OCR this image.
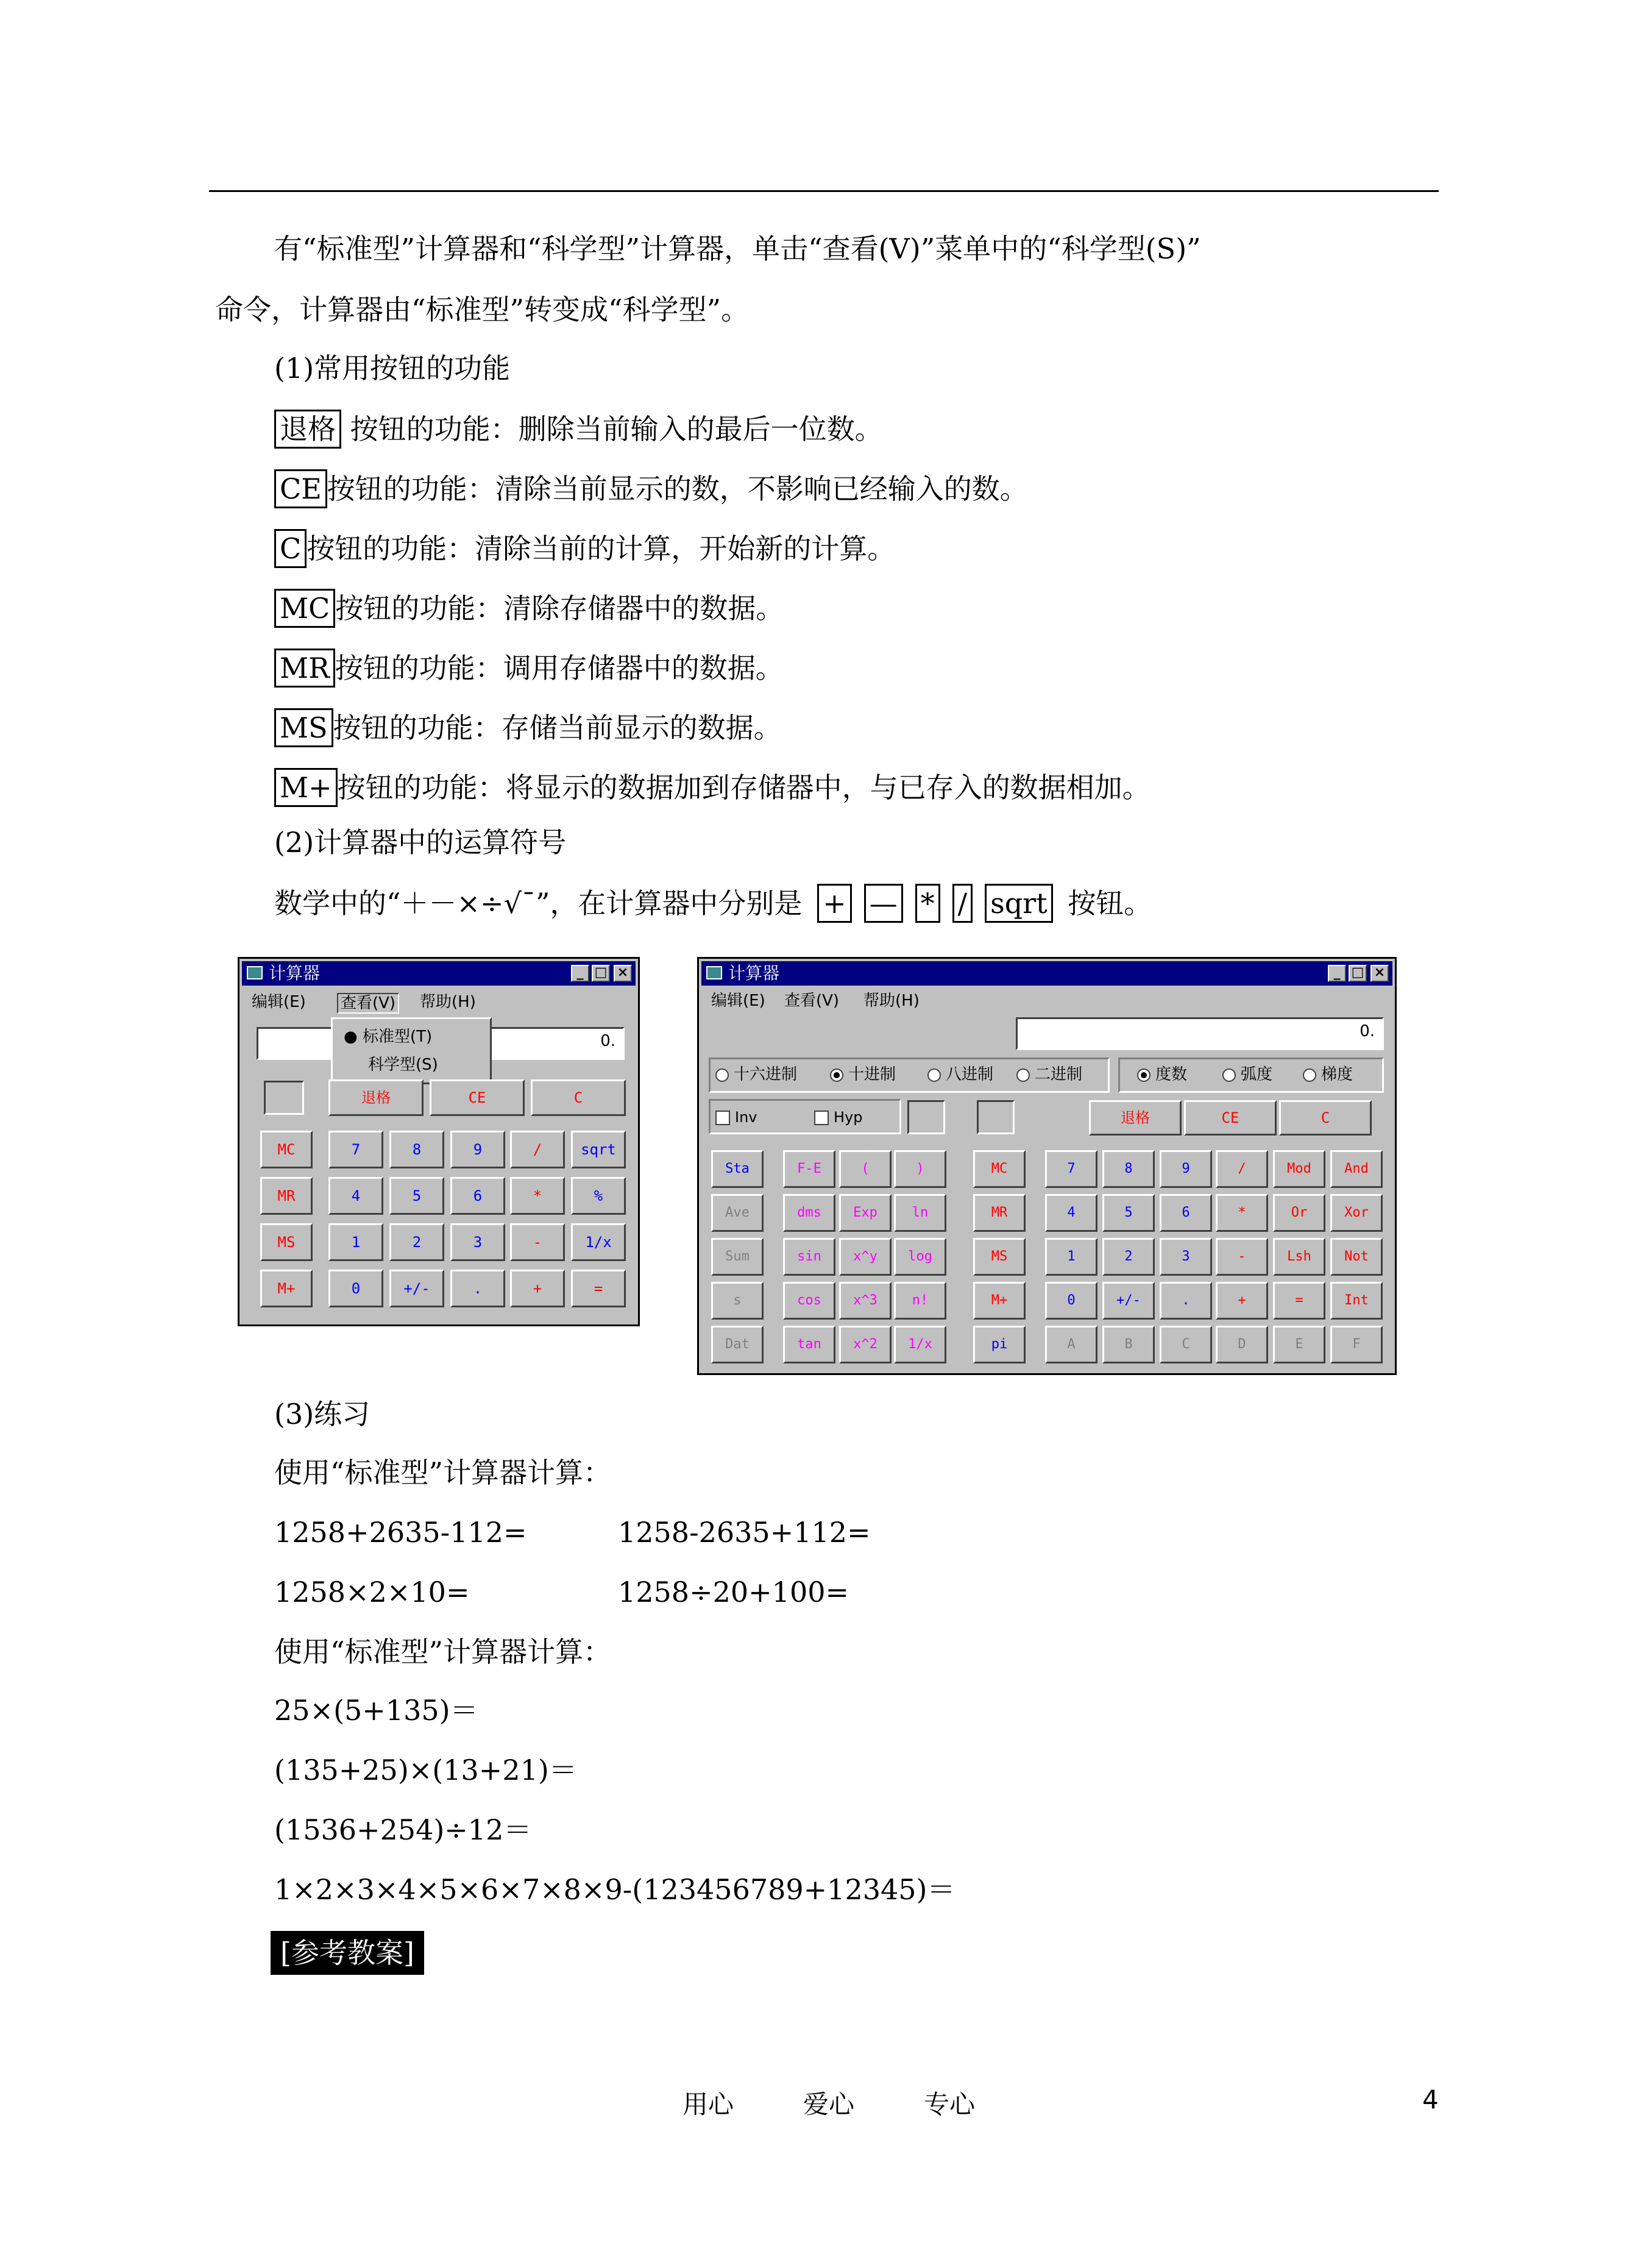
有“标准型”计算器和“科学型”计算器，单击“查看(V)”菜单中的“科学型(S)”
命令，计算器由“标准型”转变成“科学型”。
(1)常用按钮的功能
退格 按钮的功能：删除当前输入的最后一位数。
CE按钮的功能：清除当前显示的数，不影响已经输入的数。
C按钮的功能：清除当前的计算，开始新的计算。
MC按钮的功能：清除存储器中的数据。
MR 按钮的功能：调用存储器中的数据。
MS 按钮的功能：存储当前显示的数据。
M+ 按钮的功能：将显示的数据加到存储器中，与已存入的数据相加。
(2)计算器中的运算符号
数学中的“＋－×÷√¯”，在计算器中分别是 + — * / sqrt 按钮。
计算器	_ □ ×
编辑(E) 查看(V) 帮助(H)
0.
● 标准型(T)
科学型(S)
退格	CE	C
MC
MR
MS
M+
7	8	9	/	sqrt
4	5	6	*	%
1	2	3	-	1/x
0	+/-	.	+	=
计算器	_ □ ×
编辑(E) 查看(V) 帮助(H)
0.
十六进制	十进制	八进制	二进制	度数	弧度	梯度
Inv	Hyp	退格	CE	C
Sta	F-E	(	)	MC	7	8	9	/	Mod	And
Ave	dms	Exp	ln	MR	4	5	6	*	Or	Xor
Sum	sin	x^y	log	MS	1	2	3	-	Lsh	Not
s	cos	x^3	n!	M+	0	+/-	.	+	=	Int
Dat	tan	x^2	1/x	pi	A	B	C	D	E	F
(3)练习
使用“标准型”计算器计算：
1258+2635-112=	1258-2635+112=
1258×2×10=	1258÷20+100=
使用“标准型”计算器计算：
25×(5+135)＝
(135+25)×(13+21)＝
(1536+254)÷12＝
1×2×3×4×5×6×7×8×9-(123456789+12345)＝
[参考教案]
用心	爱心	专心	4
